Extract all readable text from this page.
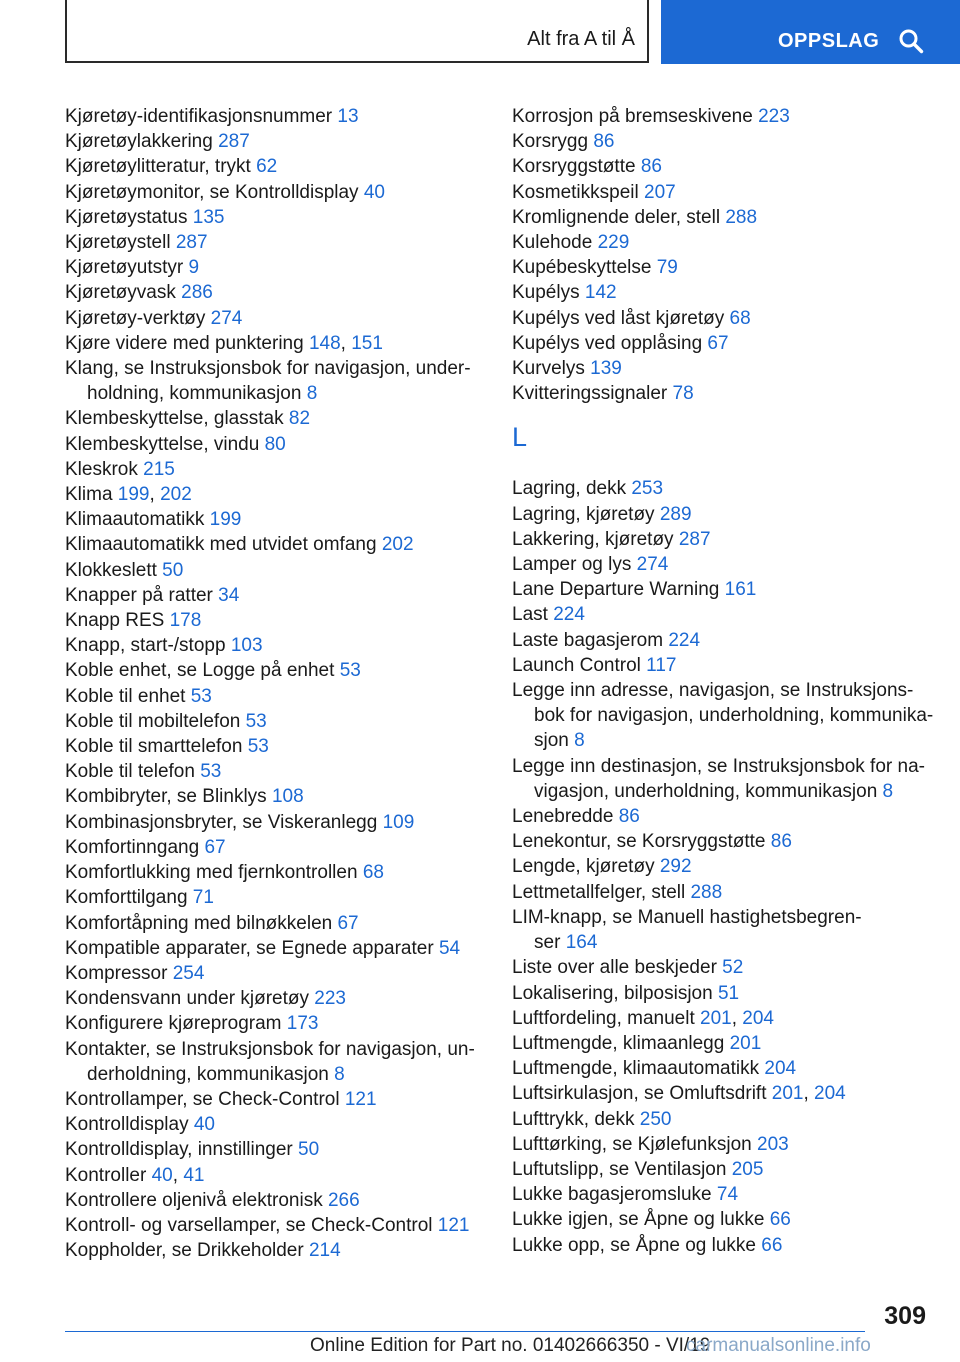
Alt fra A til Å	OPPSLAG
Kjøretøy-identifikasjonsnummer 13
Kjøretøylakkering 287
Kjøretøylitteratur, trykt 62
Kjøretøymonitor, se Kontrolldisplay 40
Kjøretøystatus 135
Kjøretøystell 287
Kjøretøyutstyr 9
Kjøretøyvask 286
Kjøretøy-verktøy 274
Kjøre videre med punktering 148, 151
Klang, se Instruksjonsbok for navigasjon, under-
holdning, kommunikasjon 8
Klembeskyttelse, glasstak 82
Klembeskyttelse, vindu 80
Kleskrok 215
Klima 199, 202
Klimaautomatikk 199
Klimaautomatikk med utvidet omfang 202
Klokkeslett 50
Knapper på ratter 34
Knapp RES 178
Knapp, start-/stopp 103
Koble enhet, se Logge på enhet 53
Koble til enhet 53
Koble til mobiltelefon 53
Koble til smarttelefon 53
Koble til telefon 53
Kombibryter, se Blinklys 108
Kombinasjonsbryter, se Viskeranlegg 109
Komfortinngang 67
Komfortlukking med fjernkontrollen 68
Komforttilgang 71
Komfortåpning med bilnøkkelen 67
Kompatible apparater, se Egnede apparater 54
Kompressor 254
Kondensvann under kjøretøy 223
Konfigurere kjøreprogram 173
Kontakter, se Instruksjonsbok for navigasjon, un-
derholdning, kommunikasjon 8
Kontrollamper, se Check-Control 121
Kontrolldisplay 40
Kontrolldisplay, innstillinger 50
Kontroller 40, 41
Kontrollere oljenivå elektronisk 266
Kontroll- og varsellamper, se Check-Control 121
Koppholder, se Drikkeholder 214
Korrosjon på bremseskivene 223
Korsrygg 86
Korsryggstøtte 86
Kosmetikkspeil 207
Kromlignende deler, stell 288
Kulehode 229
Kupébeskyttelse 79
Kupélys 142
Kupélys ved låst kjøretøy 68
Kupélys ved opplåsing 67
Kurvelys 139
Kvitteringssignaler 78
L
Lagring, dekk 253
Lagring, kjøretøy 289
Lakkering, kjøretøy 287
Lamper og lys 274
Lane Departure Warning 161
Last 224
Laste bagasjerom 224
Launch Control 117
Legge inn adresse, navigasjon, se Instruksjons-
bok for navigasjon, underholdning, kommunika-
sjon 8
Legge inn destinasjon, se Instruksjonsbok for na-
vigasjon, underholdning, kommunikasjon 8
Lenebredde 86
Lenekontur, se Korsryggstøtte 86
Lengde, kjøretøy 292
Lettmetallfelger, stell 288
LIM-knapp, se Manuell hastighetsbegren-
ser 164
Liste over alle beskjeder 52
Lokalisering, bilposisjon 51
Luftfordeling, manuelt 201, 204
Luftmengde, klimaanlegg 201
Luftmengde, klimaautomatikk 204
Luftsirkulasjon, se Omluftsdrift 201, 204
Lufttrykk, dekk 250
Lufttørking, se Kjølefunksjon 203
Luftutslipp, se Ventilasjon 205
Lukke bagasjeromsluke 74
Lukke igjen, se Åpne og lukke 66
Lukke opp, se Åpne og lukke 66
309
Online Edition for Part no. 01402666350 - VI/19
carmanualsonline.info
